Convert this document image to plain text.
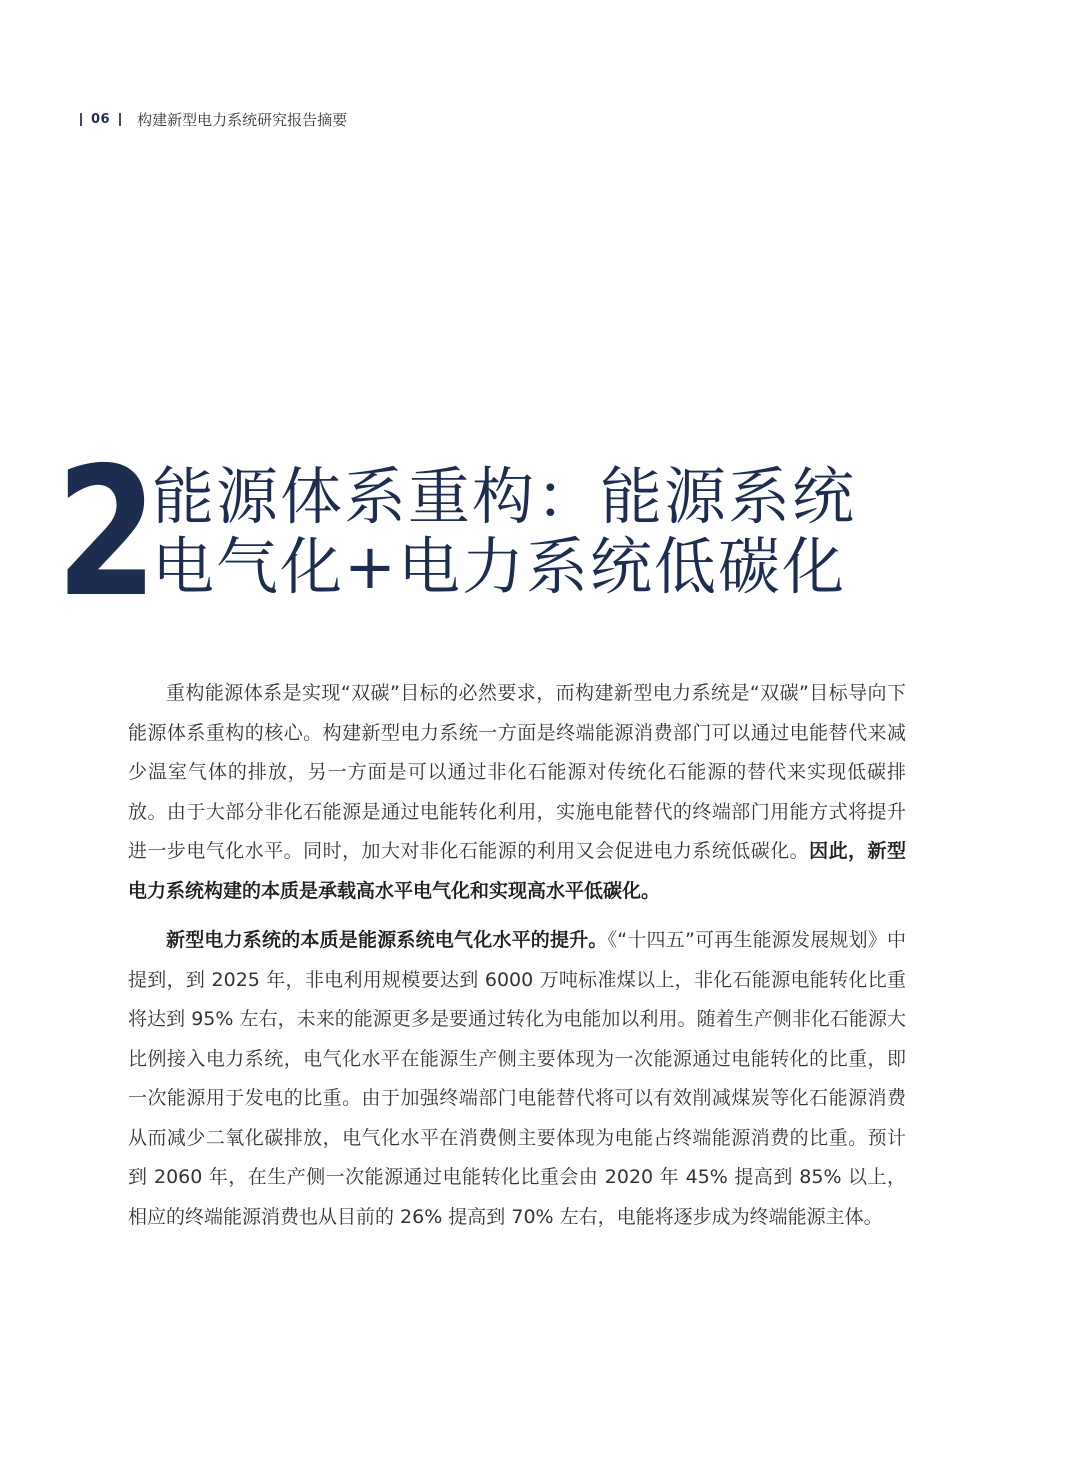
06 构建新型电力系统研究报告摘要
2
能源体系重构：能源系统
电气化+电力系统低碳化

重构能源体系是实现“双碳”目标的必然要求，而构建新型电力系统是“双碳”目标导向下能源体系重构的核心。构建新型电力系统一方面是终端能源消费部门可以通过电能替代来减少温室气体的排放，另一方面是可以通过非化石能源对传统化石能源的替代来实现低碳排放。由于大部分非化石能源是通过电能转化利用，实施电能替代的终端部门用能方式将提升进一步电气化水平。同时，加大对非化石能源的利用又会促进电力系统低碳化。因此，新型电力系统构建的本质是承载高水平电气化和实现高水平低碳化。

新型电力系统的本质是能源系统电气化水平的提升。《“十四五”可再生能源发展规划》中提到，到 2025 年，非电利用规模要达到 6000 万吨标准煤以上，非化石能源电能转化比重将达到 95% 左右，未来的能源更多是要通过转化为电能加以利用。随着生产侧非化石能源大比例接入电力系统，电气化水平在能源生产侧主要体现为一次能源通过电能转化的比重，即一次能源用于发电的比重。由于加强终端部门电能替代将可以有效削减煤炭等化石能源消费从而减少二氧化碳排放，电气化水平在消费侧主要体现为电能占终端能源消费的比重。预计到 2060 年，在生产侧一次能源通过电能转化比重会由 2020 年 45% 提高到 85% 以上，相应的终端能源消费也从目前的 26% 提高到 70% 左右，电能将逐步成为终端能源主体。
